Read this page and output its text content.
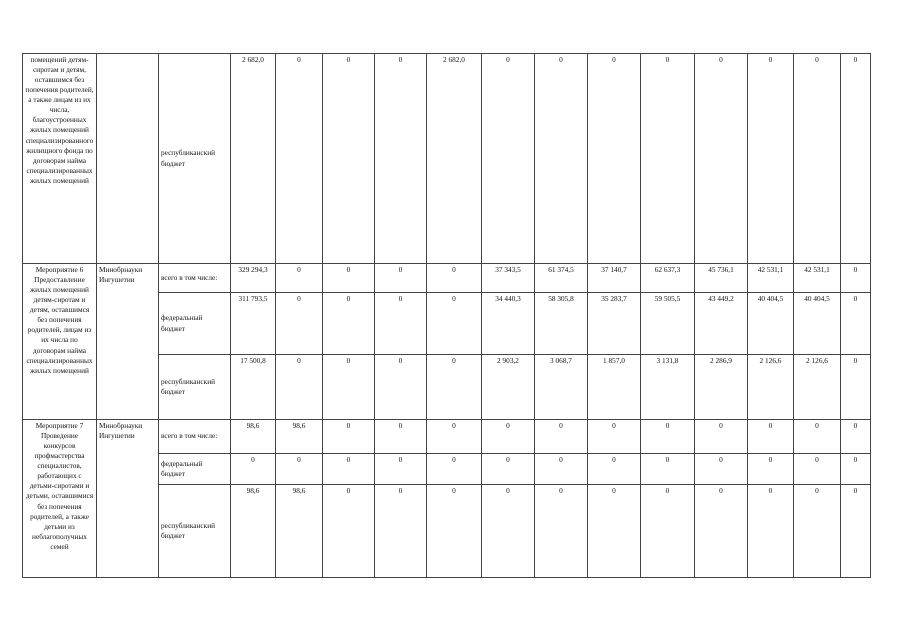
помещений детям-сиротам и детям, оставшимся без попечения родителей, а также лицам из их числа, благоустроенных жилых помещений специализированного жилищного фонда по договорам найма специализированных жилых помещений		республиканский бюджет	2 682,0	0	0	0	2 682,0	0	0	0	0	0	0	0	0
Мероприятие 6 Предоставление жилых помещений детям-сиротам и детям, оставшимся без попечения родителей, лицам из их числа по договорам найма специализированных жилых помещений	Минобрнауки Ингушетии	всего в том числе:	329 294,3	0	0	0	0	37 343,5	61 374,5	37 140,7	62 637,3	45 736,1	42 531,1	42 531,1	0
		федеральный бюджет	311 793,5	0	0	0	0	34 440,3	58 305,8	35 283,7	59 505,5	43 449,2	40 404,5	40 404,5	0
		республиканский бюджет	17 500,8	0	0	0	0	2 903,2	3 068,7	1 857,0	3 131,8	2 286,9	2 126,6	2 126,6	0
Мероприятие 7 Проведение конкурсов профмастерства специалистов, работающих с детьми-сиротами и детьми, оставшимися без попечения родителей, а также детьми из неблагополучных семей	Минобрнауки Ингушетии	всего в том числе:	98,6	98,6	0	0	0	0	0	0	0	0	0	0	0
		федеральный бюджет	0	0	0	0	0	0	0	0	0	0	0	0	0
		республиканский бюджет	98,6	98,6	0	0	0	0	0	0	0	0	0	0	0
